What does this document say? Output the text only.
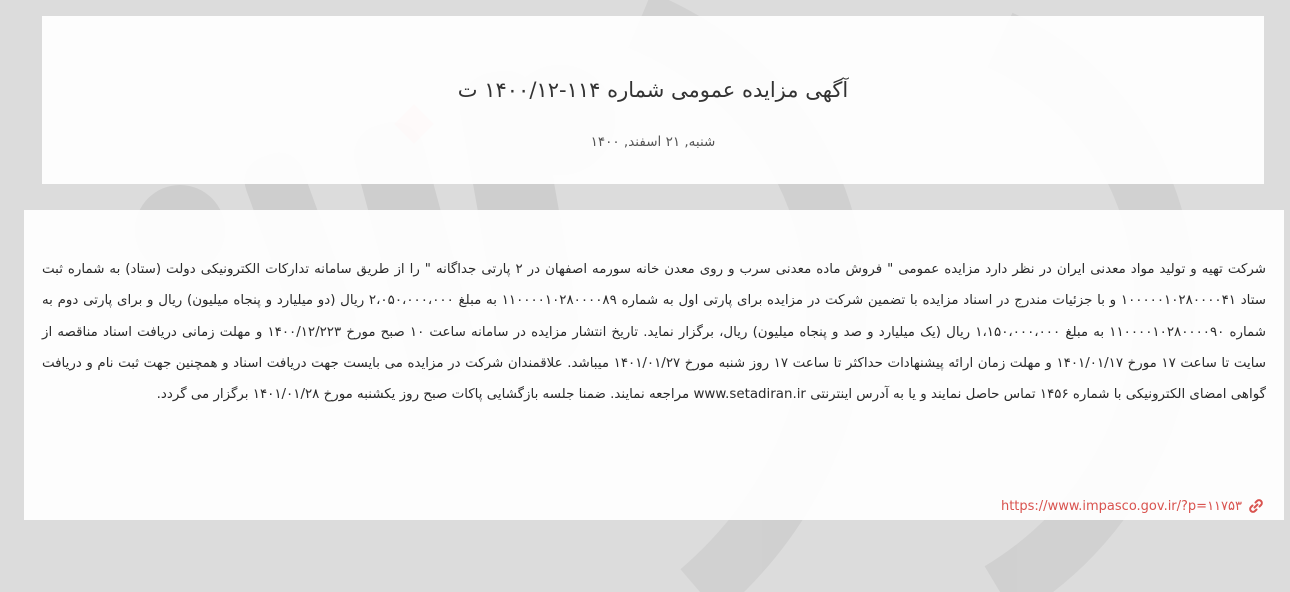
آگهی مزایده عمومی شماره ۱۱۴-۱۴۰۰/۱۲ ت
شنبه, ۲۱ اسفند, ۱۴۰۰

شرکت تهیه و تولید مواد معدنی ایران در نظر دارد مزایده عمومی " فروش ماده معدنی سرب و روی معدن خانه سورمه اصفهان در ۲ پارتی جداگانه " را از طریق سامانه تدارکات الکترونیکی دولت (ستاد) به شماره ثبت ستاد ۱۰۰۰۰۰۱۰۲۸۰۰۰۰۴۱ و با جزئیات مندرج در اسناد مزایده با تضمین شرکت در مزایده برای پارتی اول به شماره ۱۱۰۰۰۰۱۰۲۸۰۰۰۰۸۹ به مبلغ ۲،۰۵۰،۰۰۰،۰۰۰ ریال (دو میلیارد و پنجاه میلیون) ریال و برای پارتی دوم به شماره ۱۱۰۰۰۰۱۰۲۸۰۰۰۰۹۰ به مبلغ ۱،۱۵۰،۰۰۰،۰۰۰ ریال (یک میلیارد و صد و پنجاه میلیون) ریال، برگزار نماید. تاریخ انتشار مزایده در سامانه ساعت ۱۰ صبح مورخ ۱۴۰۰/۱۲/۲۲۳ و مهلت زمانی دریافت اسناد مناقصه از سایت تا ساعت ۱۷ مورخ ۱۴۰۱/۰۱/۱۷ و مهلت زمان ارائه پیشنهادات حداکثر تا ساعت ۱۷ روز شنبه مورخ ۱۴۰۱/۰۱/۲۷ میباشد. علاقمندان شرکت در مزایده می بایست جهت دریافت اسناد و همچنین جهت ثبت نام و دریافت گواهی امضای الکترونیکی با شماره ۱۴۵۶ تماس حاصل نمایند و یا به آدرس اینترنتی www.setadiran.ir مراجعه نمایند. ضمنا جلسه بازگشایی پاکات صبح روز یکشنبه مورخ ۱۴۰۱/۰۱/۲۸ برگزار می گردد.

https://www.impasco.gov.ir/?p=۱۱۷۵۳
